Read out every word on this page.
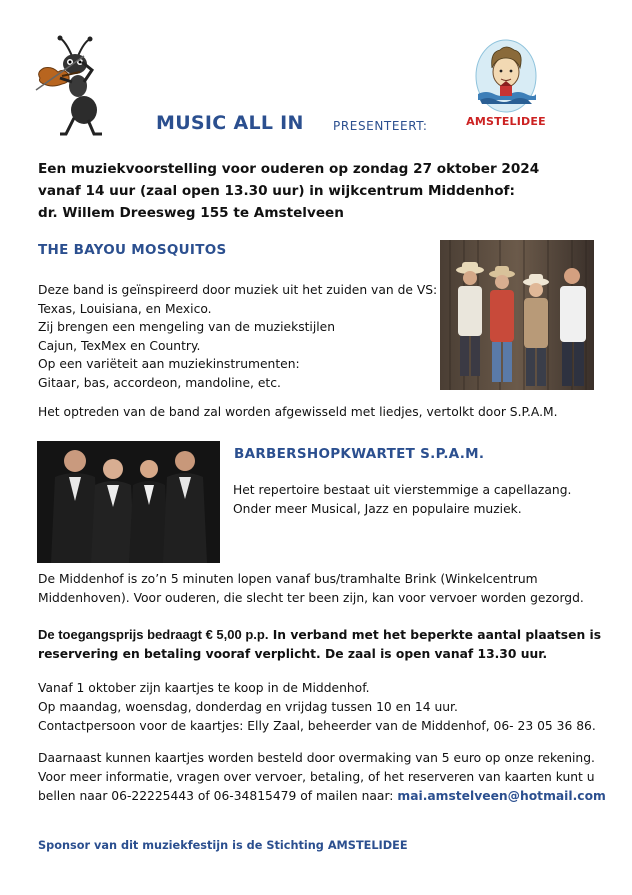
MUSIC ALL IN PRESENTEERT:	AMSTELIDEE
Een muziekvoorstelling voor ouderen op zondag 27 oktober 2024
vanaf 14 uur (zaal open 13.30 uur) in wijkcentrum Middenhof:
dr. Willem Dreesweg 155 te Amstelveen
THE BAYOU MOSQUITOS
Deze band is geïnspireerd door muziek uit het zuiden van de VS:
Texas, Louisiana, en Mexico.
Zij brengen een mengeling van de muziekstijlen
Cajun, TexMex en Country.
Op een variëteit aan muziekinstrumenten:
Gitaar, bas, accordeon, mandoline, etc.
Het optreden van de band zal worden afgewisseld met liedjes, vertolkt door S.P.A.M.
BARBERSHOPKWARTET S.P.A.M.
Het repertoire bestaat uit vierstemmige a capellazang.
Onder meer Musical, Jazz en populaire muziek.
De Middenhof is zo’n 5 minuten lopen vanaf bus/tramhalte Brink (Winkelcentrum
Middenhoven). Voor ouderen, die slecht ter been zijn, kan voor vervoer worden gezorgd.
De toegangsprijs bedraagt € 5,00 p.p. In verband met het beperkte aantal plaatsen is
reservering en betaling vooraf verplicht. De zaal is open vanaf 13.30 uur.
Vanaf 1 oktober zijn kaartjes te koop in de Middenhof.
Op maandag, woensdag, donderdag en vrijdag tussen 10 en 14 uur.
Contactpersoon voor de kaartjes: Elly Zaal, beheerder van de Middenhof, 06- 23 05 36 86.
Daarnaast kunnen kaartjes worden besteld door overmaking van 5 euro op onze rekening.
Voor meer informatie, vragen over vervoer, betaling, of het reserveren van kaarten kunt u
bellen naar 06-22225443 of 06-34815479 of mailen naar: mai.amstelveen@hotmail.com
Sponsor van dit muziekfestijn is de Stichting AMSTELIDEE
